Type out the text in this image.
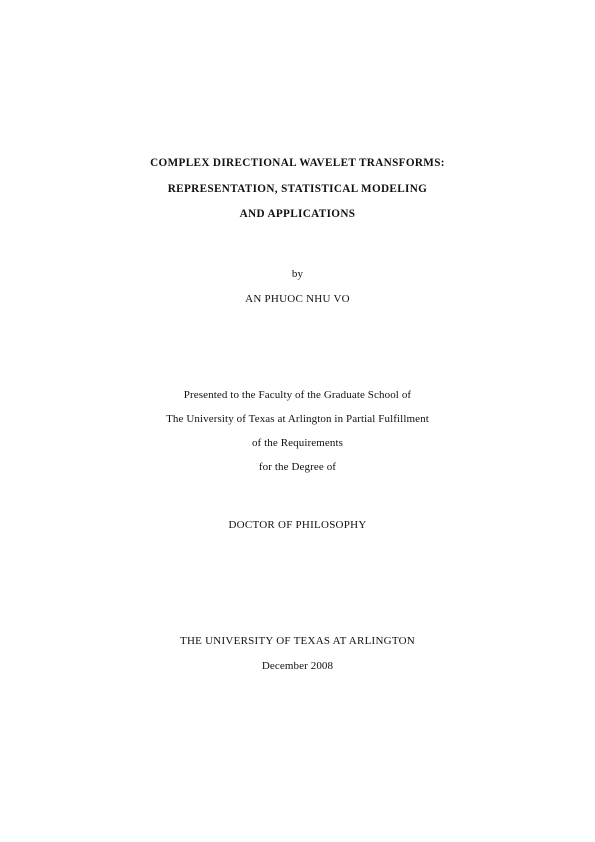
COMPLEX DIRECTIONAL WAVELET TRANSFORMS:
REPRESENTATION, STATISTICAL MODELING
AND APPLICATIONS
by
AN PHUOC NHU VO
Presented to the Faculty of the Graduate School of
The University of Texas at Arlington in Partial Fulfillment
of the Requirements
for the Degree of
DOCTOR OF PHILOSOPHY
THE UNIVERSITY OF TEXAS AT ARLINGTON
December 2008
